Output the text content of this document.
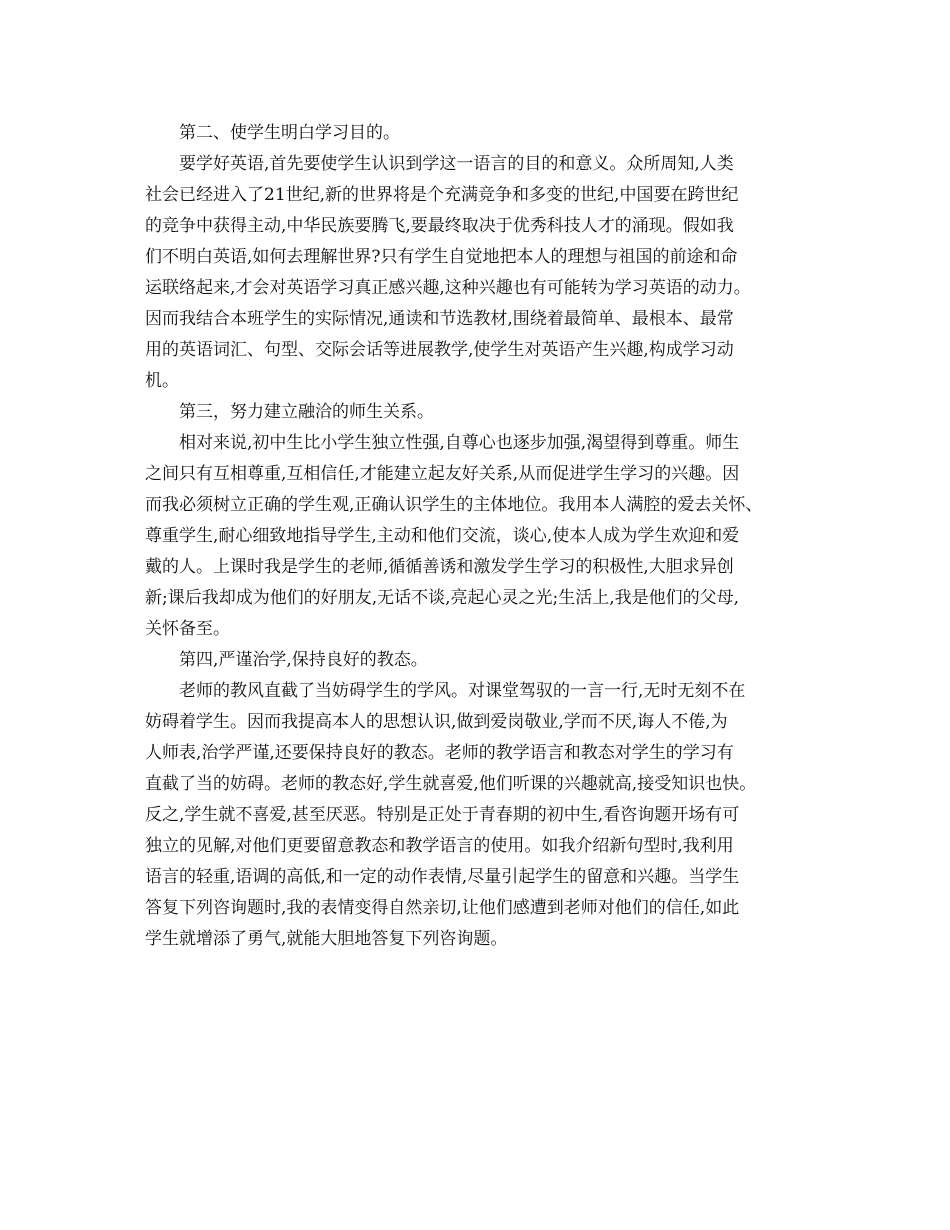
第二、使学生明白学习目的。
要学好英语,首先要使学生认识到学这一语言的目的和意义。众所周知,人类
社会已经进入了21世纪,新的世界将是个充满竞争和多变的世纪,中国要在跨世纪
的竞争中获得主动,中华民族要腾飞,要最终取决于优秀科技人才的涌现。假如我
们不明白英语,如何去理解世界?只有学生自觉地把本人的理想与祖国的前途和命
运联络起来,才会对英语学习真正感兴趣,这种兴趣也有可能转为学习英语的动力。
因而我结合本班学生的实际情况,通读和节选教材,围绕着最简单、最根本、最常
用的英语词汇、句型、交际会话等进展教学,使学生对英语产生兴趣,构成学习动
机。
第三，努力建立融洽的师生关系。
相对来说,初中生比小学生独立性强,自尊心也逐步加强,渴望得到尊重。师生
之间只有互相尊重,互相信任,才能建立起友好关系,从而促进学生学习的兴趣。因
而我必须树立正确的学生观,正确认识学生的主体地位。我用本人满腔的爱去关怀、
尊重学生,耐心细致地指导学生,主动和他们交流，谈心,使本人成为学生欢迎和爱
戴的人。上课时我是学生的老师,循循善诱和激发学生学习的积极性,大胆求异创
新;课后我却成为他们的好朋友,无话不谈,亮起心灵之光;生活上,我是他们的父母,
关怀备至。
第四,严谨治学,保持良好的教态。
老师的教风直截了当妨碍学生的学风。对课堂驾驭的一言一行,无时无刻不在
妨碍着学生。因而我提高本人的思想认识,做到爱岗敬业,学而不厌,诲人不倦,为
人师表,治学严谨,还要保持良好的教态。老师的教学语言和教态对学生的学习有
直截了当的妨碍。老师的教态好,学生就喜爱,他们听课的兴趣就高,接受知识也快。
反之,学生就不喜爱,甚至厌恶。特别是正处于青春期的初中生,看咨询题开场有可
独立的见解,对他们更要留意教态和教学语言的使用。如我介绍新句型时,我利用
语言的轻重,语调的高低,和一定的动作表情,尽量引起学生的留意和兴趣。当学生
答复下列咨询题时,我的表情变得自然亲切,让他们感遭到老师对他们的信任,如此
学生就增添了勇气,就能大胆地答复下列咨询题。
